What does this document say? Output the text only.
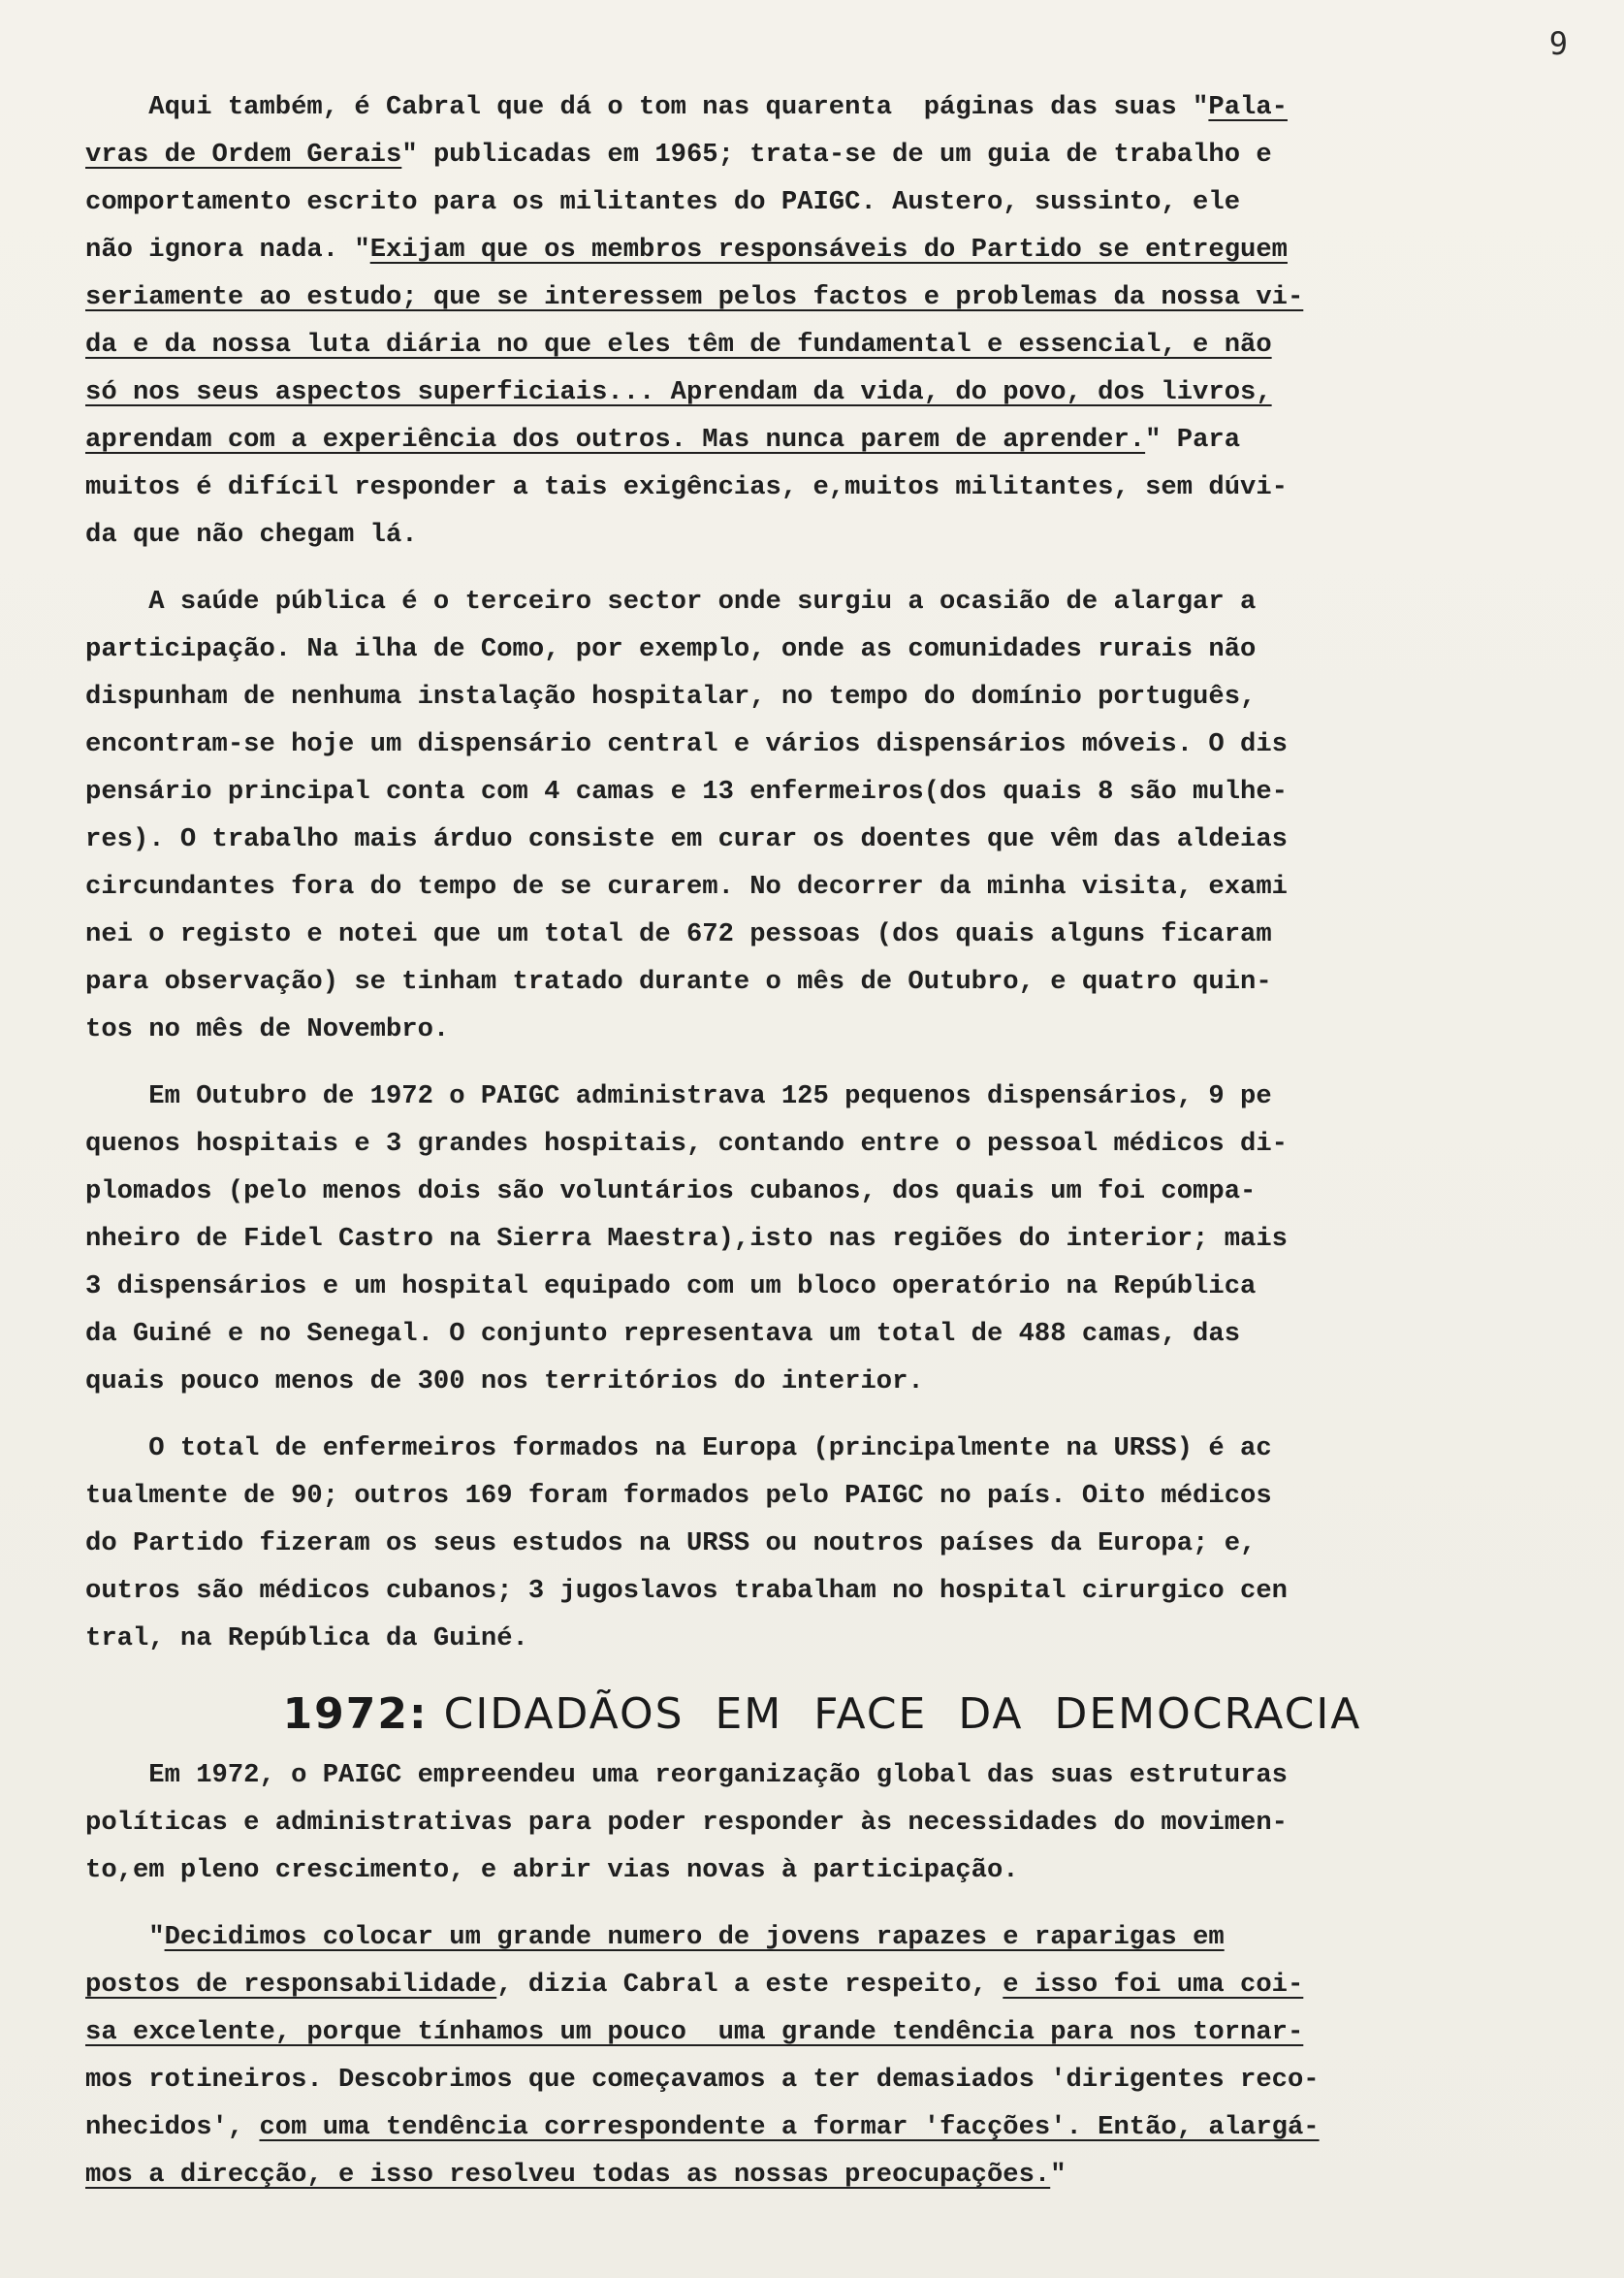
9
Aqui também, é Cabral que dá o tom nas quarenta  páginas das suas "Pala-
vras de Ordem Gerais" publicadas em 1965; trata-se de um guia de trabalho e
comportamento escrito para os militantes do PAIGC. Austero, sussinto, ele
não ignora nada. "Exijam que os membros responsáveis do Partido se entreguem
seriamente ao estudo; que se interessem pelos factos e problemas da nossa vi-
da e da nossa luta diária no que eles têm de fundamental e essencial, e não
só nos seus aspectos superficiais... Aprendam da vida, do povo, dos livros,
aprendam com a experiência dos outros. Mas nunca parem de aprender." Para
muitos é difícil responder a tais exigências, e,muitos militantes, sem dúvi-
da que não chegam lá.
A saúde pública é o terceiro sector onde surgiu a ocasião de alargar a
participação. Na ilha de Como, por exemplo, onde as comunidades rurais não
dispunham de nenhuma instalação hospitalar, no tempo do domínio português,
encontram-se hoje um dispensário central e vários dispensários móveis. O dis
pensário principal conta com 4 camas e 13 enfermeiros(dos quais 8 são mulhe-
res). O trabalho mais árduo consiste em curar os doentes que vêm das aldeias
circundantes fora do tempo de se curarem. No decorrer da minha visita, exami
nei o registo e notei que um total de 672 pessoas (dos quais alguns ficaram
para observação) se tinham tratado durante o mês de Outubro, e quatro quin-
tos no mês de Novembro.
Em Outubro de 1972 o PAIGC administrava 125 pequenos dispensários, 9 pe
quenos hospitais e 3 grandes hospitais, contando entre o pessoal médicos di-
plomados (pelo menos dois são voluntários cubanos, dos quais um foi compa-
nheiro de Fidel Castro na Sierra Maestra),isto nas regiões do interior; mais
3 dispensários e um hospital equipado com um bloco operatório na República
da Guiné e no Senegal. O conjunto representava um total de 488 camas, das
quais pouco menos de 300 nos territórios do interior.
O total de enfermeiros formados na Europa (principalmente na URSS) é ac
tualmente de 90; outros 169 foram formados pelo PAIGC no país. Oito médicos
do Partido fizeram os seus estudos na URSS ou noutros países da Europa; e,
outros são médicos cubanos; 3 jugoslavos trabalham no hospital cirurgico cen
tral, na República da Guiné.
1972: CIDADÃOS  EM  FACE  DA  DEMOCRACIA
Em 1972, o PAIGC empreendeu uma reorganização global das suas estruturas
políticas e administrativas para poder responder às necessidades do movimen-
to,em pleno crescimento, e abrir vias novas à participação.
"Decidimos colocar um grande numero de jovens rapazes e raparigas em
postos de responsabilidade, dizia Cabral a este respeito, e isso foi uma coi-
sa excelente, porque tínhamos um pouco  uma grande tendência para nos tornar-
mos rotineiros. Descobrimos que começavamos a ter demasiados 'dirigentes reco-
nhecidos', com uma tendência correspondente a formar 'facções'. Então, alargá-
mos a direcção, e isso resolveu todas as nossas preocupações."
